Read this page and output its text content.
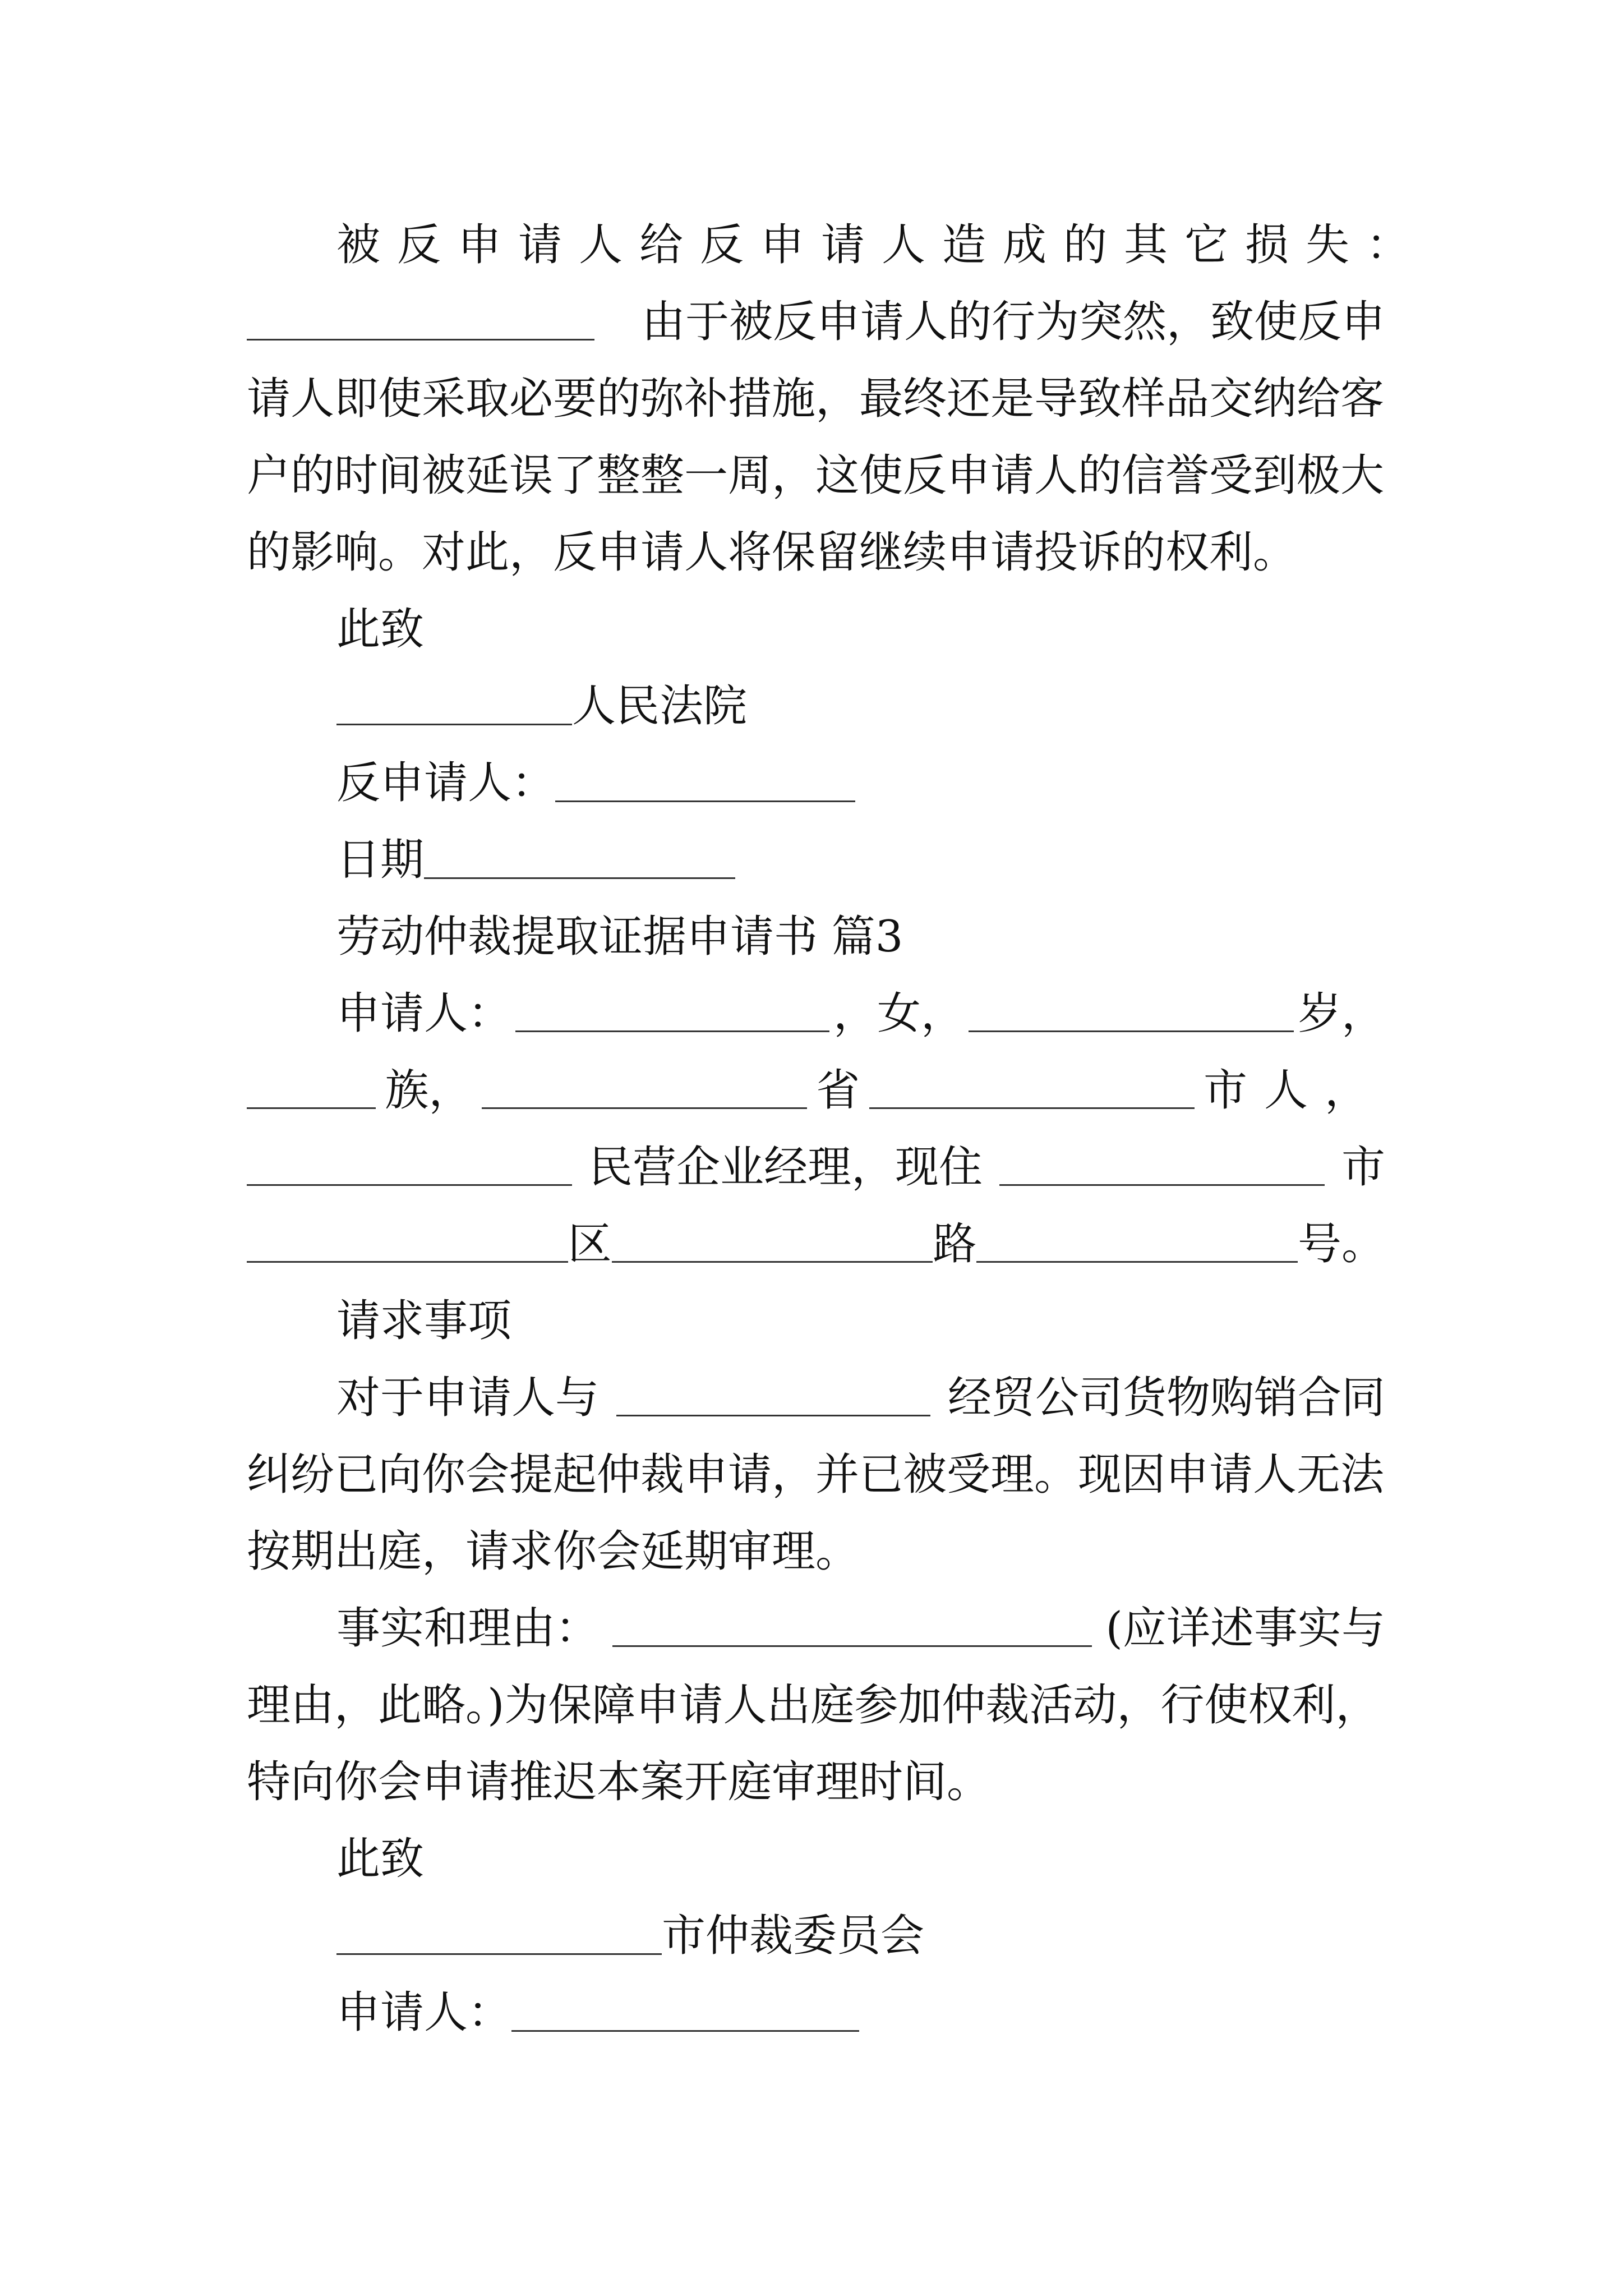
被反申请人给反申请人造成的其它损失：
由于被反申请人的行为突然，致使反申
请人即使采取必要的弥补措施，最终还是导致样品交纳给客
户的时间被延误了整整一周，这使反申请人的信誉受到极大
的影响。对此，反申请人将保留继续申请投诉的权利。
此致
人民法院
反申请人：
日期
劳动仲裁提取证据申请书 篇3
申请人：	，女，	岁，
族，	省	市人，
民营企业经理，现住	市
区	路	号。
请求事项
对于申请人与	经贸公司货物购销合同
纠纷已向你会提起仲裁申请，并已被受理。现因申请人无法
按期出庭，请求你会延期审理。
事实和理由：	(应详述事实与
理由，此略。)为保障申请人出庭参加仲裁活动，行使权利，
特向你会申请推迟本案开庭审理时间。
此致
市仲裁委员会
申请人：
